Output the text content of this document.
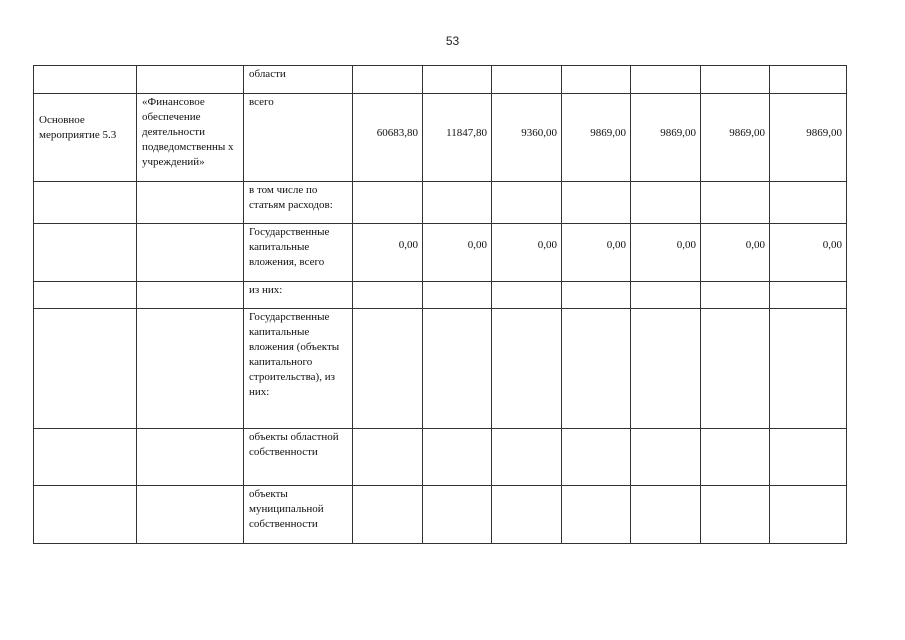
53
		области							
Основное мероприятие 5.3	«Финансовое обеспечение деятельности подведомственны х учреждений»	всего	60683,80	11847,80	9360,00	9869,00	9869,00	9869,00	9869,00
		в том числе по статьям расходов:							
		Государственные капитальные вложения, всего	0,00	0,00	0,00	0,00	0,00	0,00	0,00
		из них:							
		Государственные капитальные вложения (объекты капитального строительства), из них:							
		объекты областной собственности							
		объекты муниципальной собственности							
